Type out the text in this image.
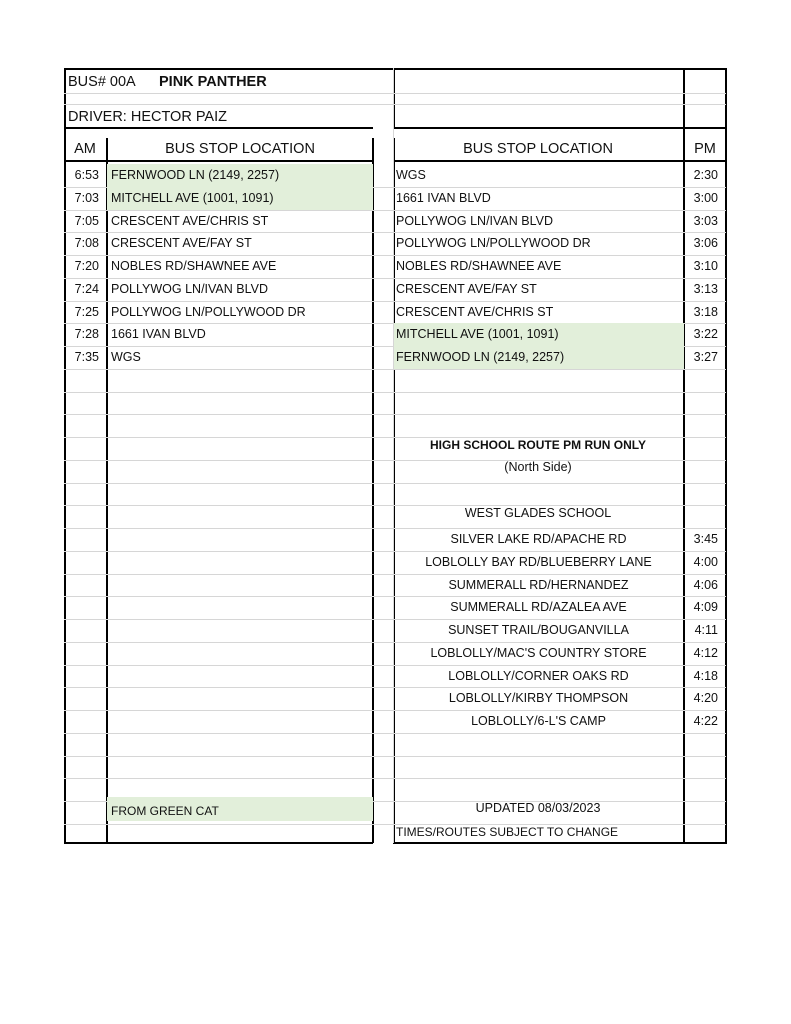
BUS# 00A PINK PANTHER
DRIVER: HECTOR PAIZ
AM	BUS STOP LOCATION	BUS STOP LOCATION	PM
FROM GREEN CAT	UPDATED 08/03/2023
TIMES/ROUTES SUBJECT TO CHANGE
HIGH SCHOOL ROUTE PM RUN ONLY
(North Side)
WEST GLADES SCHOOL
6:53 FERNWOOD LN (2149, 2257)
7:03 MITCHELL AVE (1001, 1091)
7:05 CRESCENT AVE/CHRIS ST
7:08 CRESCENT AVE/FAY ST
7:20 NOBLES RD/SHAWNEE AVE
7:24 POLLYWOG LN/IVAN BLVD
7:25 POLLYWOG LN/POLLYWOOD DR
7:28 1661 IVAN BLVD
7:35 WGS
WGS	2:30
1661 IVAN BLVD	3:00
POLLYWOG LN/IVAN BLVD	3:03
POLLYWOG LN/POLLYWOOD DR	3:06
NOBLES RD/SHAWNEE AVE	3:10
CRESCENT AVE/FAY ST	3:13
CRESCENT AVE/CHRIS ST	3:18
MITCHELL AVE (1001, 1091)	3:22
FERNWOOD LN (2149, 2257)	3:27
SILVER LAKE RD/APACHE RD	3:45
LOBLOLLY BAY RD/BLUEBERRY LANE	4:00
SUMMERALL RD/HERNANDEZ	4:06
SUMMERALL RD/AZALEA AVE	4:09
SUNSET TRAIL/BOUGANVILLA	4:11
LOBLOLLY/MAC'S COUNTRY STORE	4:12
LOBLOLLY/CORNER OAKS RD	4:18
LOBLOLLY/KIRBY THOMPSON	4:20
LOBLOLLY/6-L'S CAMP	4:22
